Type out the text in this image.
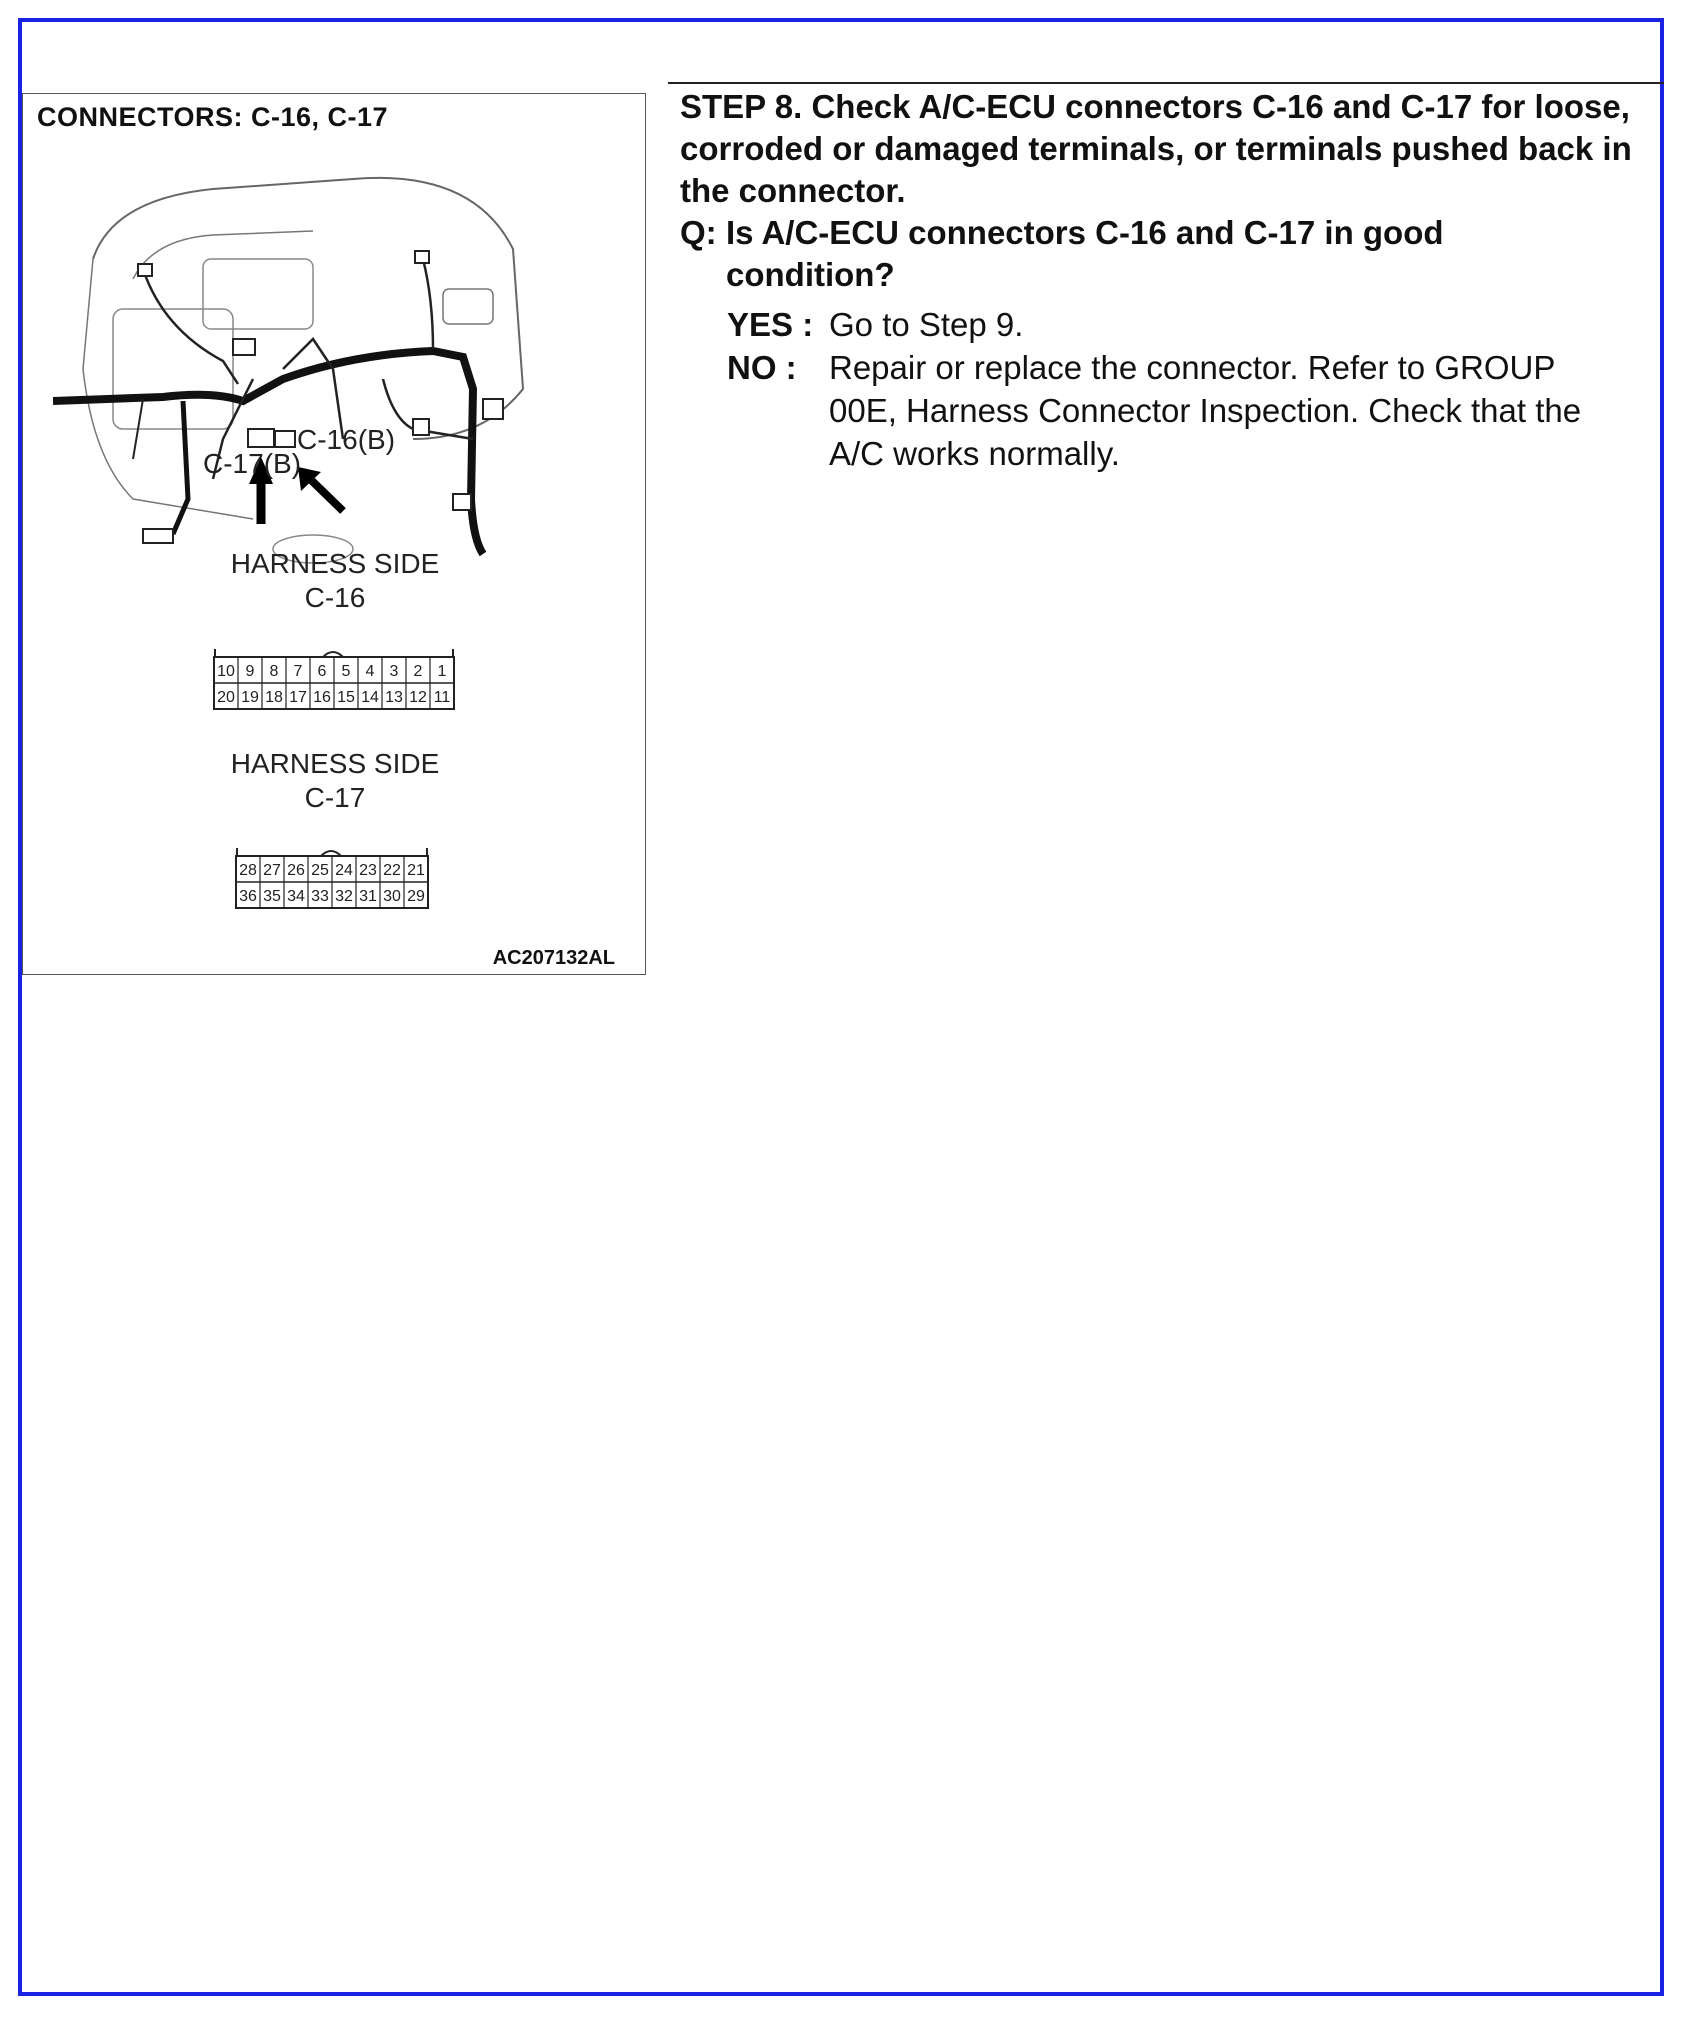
CONNECTORS: C-16, C-17
C-16(B)
C-17(B)
HARNESS SIDE
C-16
10 9 8 7 6 5 4 3 2 1
20 19 18 17 16 15 14 13 12 11
HARNESS SIDE
C-17
28 27 26 25 24 23 22 21
36 35 34 33 32 31 30 29
AC207132AL
STEP 8. Check A/C-ECU connectors C-16 and C-17 for loose, corroded or damaged terminals, or terminals pushed back in the connector.
Q: Is A/C-ECU connectors C-16 and C-17 in good condition?
YES : Go to Step 9.
NO : Repair or replace the connector. Refer to GROUP 00E, Harness Connector Inspection. Check that the A/C works normally.
